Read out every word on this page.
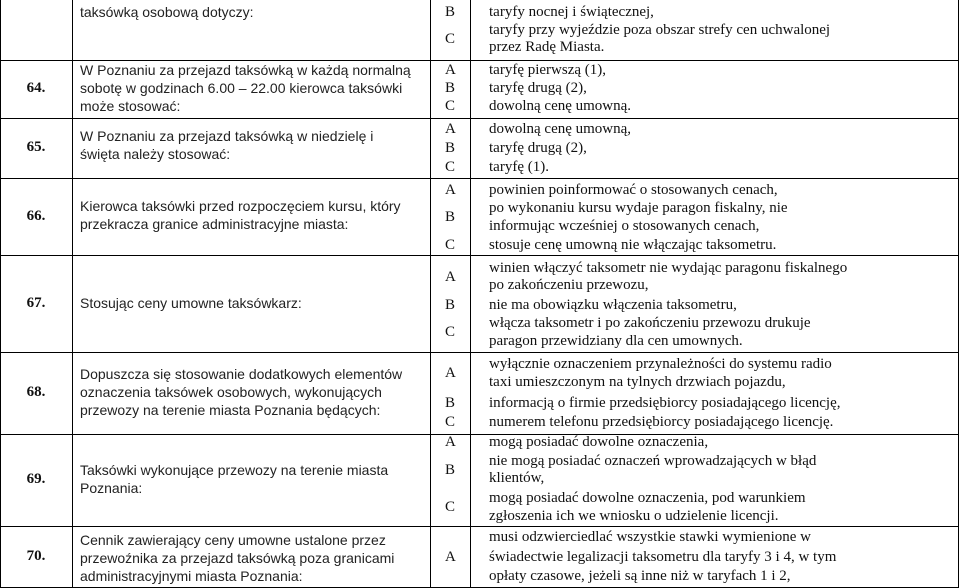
taksówką osobową dotyczy:	B taryfy nocnej i świątecznej,
C
taryfy przy wyjeździe poza obszar strefy cen uchwalonej
przez Radę Miasta.
64.
W Poznaniu za przejazd taksówką w każdą normalną
sobotę w godzinach 6.00 – 22.00 kierowca taksówki
może stosować:
A taryfę pierwszą (1),
B taryfę drugą (2),
C dowolną cenę umowną.
65.
W Poznaniu za przejazd taksówką w niedzielę i
święta należy stosować:
A dowolną cenę umowną,
B taryfę drugą (2),
C taryfę (1).
66.
Kierowca taksówki przed rozpoczęciem kursu, który
przekracza granice administracyjne miasta:
A powinien poinformować o stosowanych cenach,
B
po wykonaniu kursu wydaje paragon fiskalny, nie
informując wcześniej o stosowanych cenach,
C stosuje cenę umowną nie włączając taksometru.
67.	Stosując ceny umowne taksówkarz:
A
winien włączyć taksometr nie wydając paragonu fiskalnego
po zakończeniu przewozu,
B nie ma obowiązku włączenia taksometru,
C
włącza taksometr i po zakończeniu przewozu drukuje
paragon przewidziany dla cen umownych.
68.
Dopuszcza się stosowanie dodatkowych elementów
oznaczenia taksówek osobowych, wykonujących
przewozy na terenie miasta Poznania będących:
A
wyłącznie oznaczeniem przynależności do systemu radio
taxi umieszczonym na tylnych drzwiach pojazdu,
B informacją o firmie przedsiębiorcy posiadającego licencję,
C numerem telefonu przedsiębiorcy posiadającego licencję.
69.
Taksówki wykonujące przewozy na terenie miasta
Poznania:
A mogą posiadać dowolne oznaczenia,
B
nie mogą posiadać oznaczeń wprowadzających w błąd
klientów,
C
mogą posiadać dowolne oznaczenia, pod warunkiem
zgłoszenia ich we wniosku o udzielenie licencji.
70.
Cennik zawierający ceny umowne ustalone przez
przewoźnika za przejazd taksówką poza granicami
administracyjnymi miasta Poznania:
A
musi odzwierciedlać wszystkie stawki wymienione w
świadectwie legalizacji taksometru dla taryfy 3 i 4, w tym
opłaty czasowe, jeżeli są inne niż w taryfach 1 i 2,
